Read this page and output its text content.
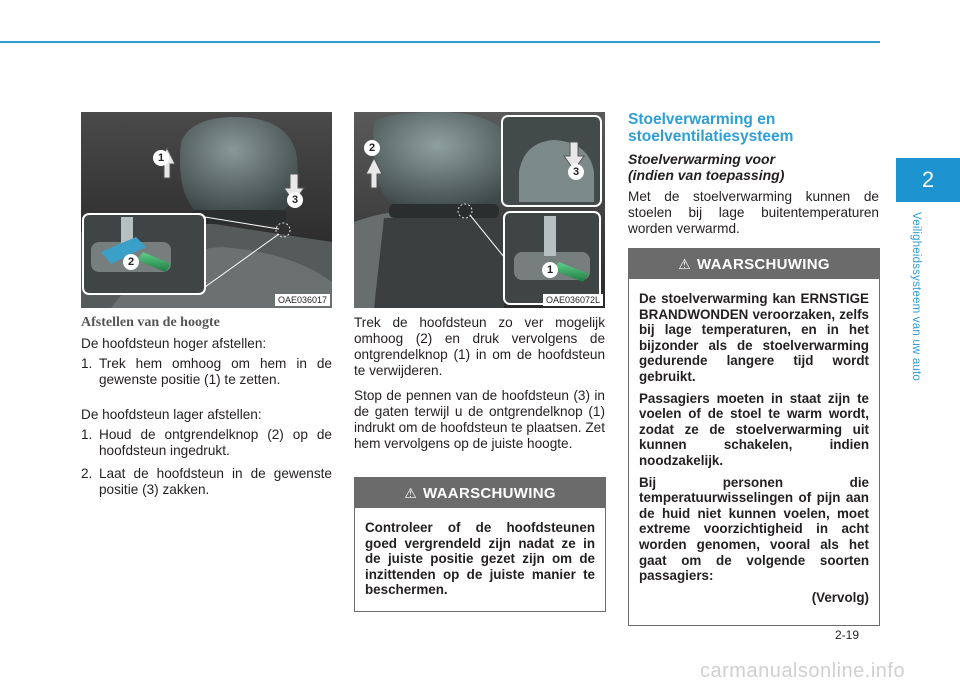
2
Veiligheidssysteem van uw auto
1
2
3
OAE036017
2
3
1
OAE036072L
Afstellen van de hoogte

De hoofdsteun hoger afstellen:

1. Trek hem omhoog om hem in de gewenste positie (1) te zetten.

De hoofdsteun lager afstellen:

1. Houd de ontgrendelknop (2) op de hoofdsteun ingedrukt.
2. Laat de hoofdsteun in de gewenste positie (3) zakken.

Trek de hoofdsteun zo ver mogelijk omhoog (2) en druk vervolgens de ontgrendelknop (1) in om de hoofdsteun te verwijderen.

Stop de pennen van de hoofdsteun (3) in de gaten terwijl u de ontgrendelknop (1) indrukt om de hoofdsteun te plaatsen. Zet hem vervolgens op de juiste hoogte.

⚠ WAARSCHUWING

Controleer of de hoofdsteunen goed vergrendeld zijn nadat ze in de juiste positie gezet zijn om de inzittenden op de juiste manier te beschermen.

Stoelverwarming en stoelventilatiesysteem
Stoelverwarming voor (indien van toepassing)
Met de stoelverwarming kunnen de stoelen bij lage buitentemperaturen worden verwarmd.
⚠ WAARSCHUWING

De stoelverwarming kan ERNSTIGE BRANDWONDEN veroorzaken, zelfs bij lage temperaturen, en in het bijzonder als de stoelverwarming gedurende langere tijd wordt gebruikt.

Passagiers moeten in staat zijn te voelen of de stoel te warm wordt, zodat ze de stoelverwarming uit kunnen schakelen, indien noodzakelijk.

Bij personen die temperatuurwisselingen of pijn aan de huid niet kunnen voelen, moet extreme voorzichtigheid in acht worden genomen, vooral als het gaat om de volgende soorten passagiers:

(Vervolg)

2-19
carmanualsonline.info
